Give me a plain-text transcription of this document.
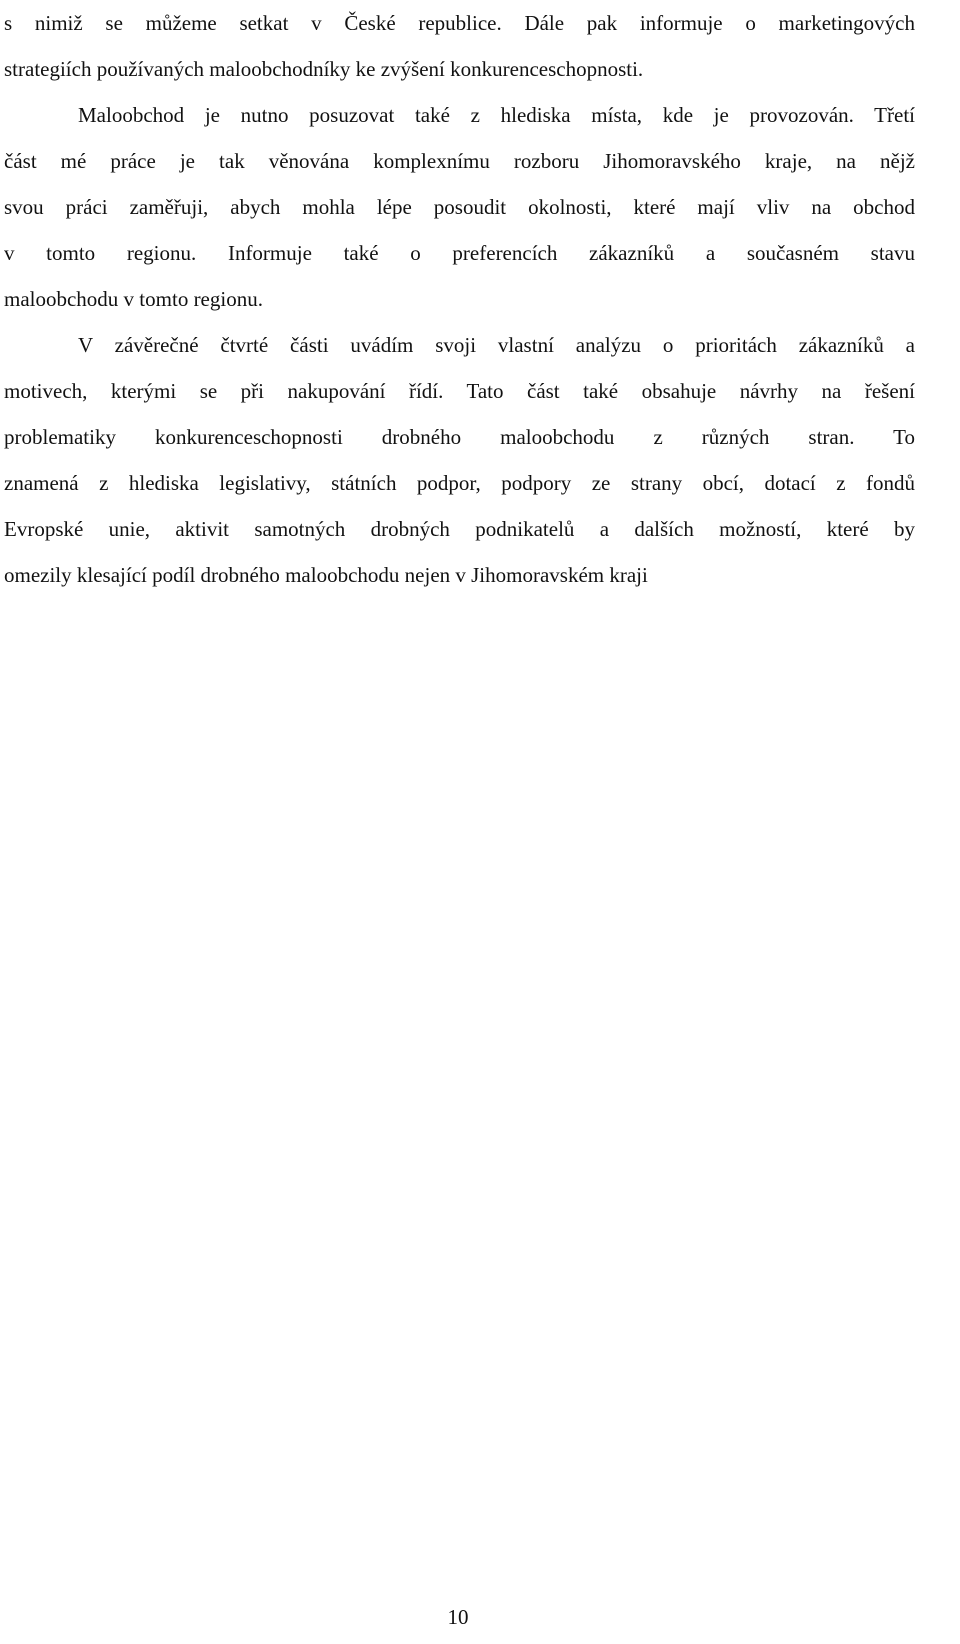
s nimiž se můžeme setkat v České republice. Dále pak informuje o marketingových
strategiích používaných maloobchodníky ke zvýšení konkurenceschopnosti.
Maloobchod je nutno posuzovat také z hlediska místa, kde je provozován. Třetí
část mé práce je tak věnována komplexnímu rozboru Jihomoravského kraje, na nějž
svou práci zaměřuji, abych mohla lépe posoudit okolnosti, které mají vliv na obchod
v tomto regionu. Informuje také o preferencích zákazníků a současném stavu
maloobchodu v tomto regionu.
V závěrečné čtvrté části uvádím svoji vlastní analýzu o prioritách zákazníků a
motivech, kterými se při nakupování řídí. Tato část také obsahuje návrhy na řešení
problematiky konkurenceschopnosti drobného maloobchodu z různých stran. To
znamená z hlediska legislativy, státních podpor, podpory ze strany obcí, dotací z fondů
Evropské unie, aktivit samotných drobných podnikatelů a dalších možností, které by
omezily klesající podíl drobného maloobchodu nejen v Jihomoravském kraji
10
